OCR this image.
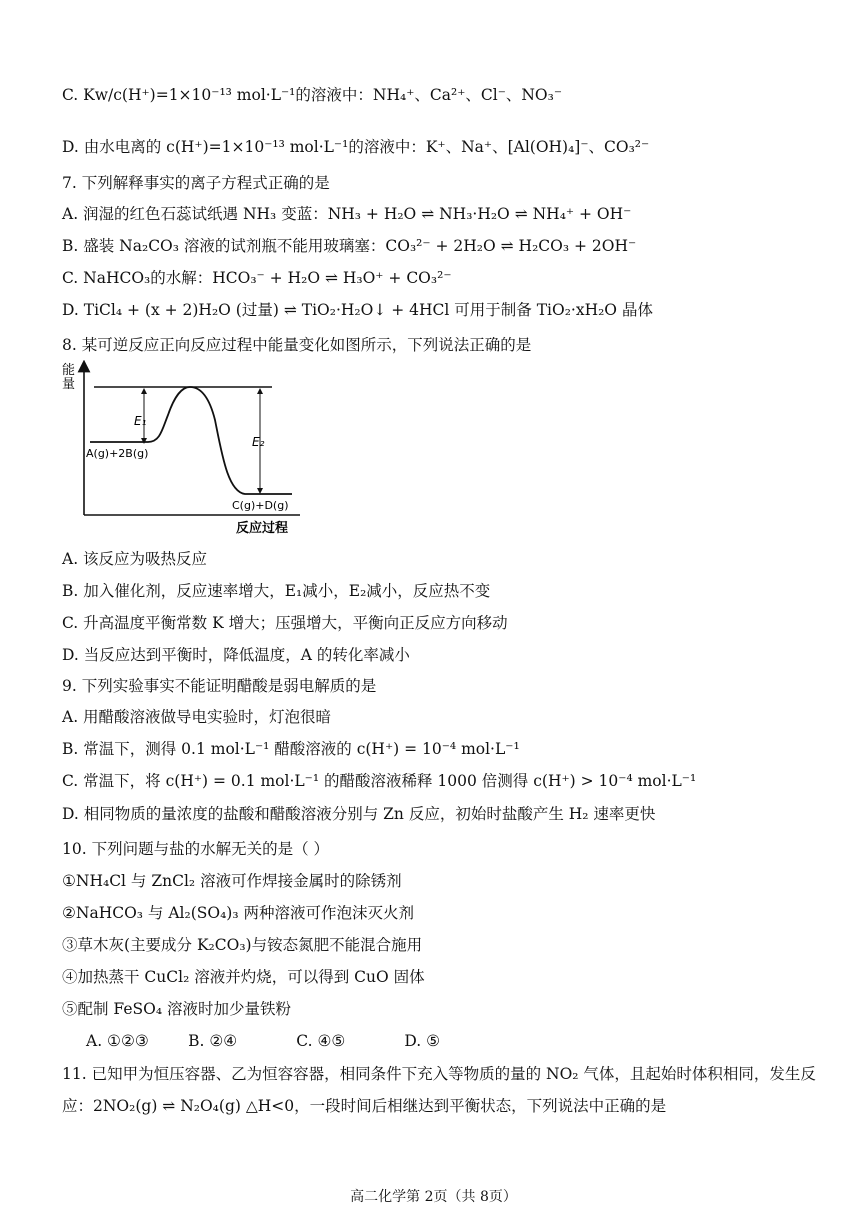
C. Kw/c(H⁺)=1×10⁻¹³ mol·L⁻¹的溶液中：NH₄⁺、Ca²⁺、Cl⁻、NO₃⁻
D. 由水电离的 c(H⁺)=1×10⁻¹³ mol·L⁻¹的溶液中：K⁺、Na⁺、[Al(OH)₄]⁻、CO₃²⁻
7. 下列解释事实的离子方程式正确的是
A. 润湿的红色石蕊试纸遇 NH₃ 变蓝：NH₃ + H₂O ⇌ NH₃·H₂O ⇌ NH₄⁺ + OH⁻
B. 盛装 Na₂CO₃ 溶液的试剂瓶不能用玻璃塞：CO₃²⁻ + 2H₂O ⇌ H₂CO₃ + 2OH⁻
C. NaHCO₃的水解：HCO₃⁻ + H₂O ⇌ H₃O⁺ + CO₃²⁻
D. TiCl₄ + (x + 2)H₂O (过量) ⇌ TiO₂·H₂O↓ + 4HCl 可用于制备 TiO₂·xH₂O 晶体
8. 某可逆反应正向反应过程中能量变化如图所示，下列说法正确的是
能
量
E₁
E₂
A(g)+2B(g)
C(g)+D(g)
反应过程
A. 该反应为吸热反应
B. 加入催化剂，反应速率增大，E₁减小，E₂减小，反应热不变
C. 升高温度平衡常数 K 增大；压强增大，平衡向正反应方向移动
D. 当反应达到平衡时，降低温度，A 的转化率减小
9. 下列实验事实不能证明醋酸是弱电解质的是
A. 用醋酸溶液做导电实验时，灯泡很暗
B. 常温下，测得 0.1 mol·L⁻¹ 醋酸溶液的 c(H⁺) = 10⁻⁴ mol·L⁻¹
C. 常温下，将 c(H⁺) = 0.1 mol·L⁻¹ 的醋酸溶液稀释 1000 倍测得 c(H⁺) > 10⁻⁴ mol·L⁻¹
D. 相同物质的量浓度的盐酸和醋酸溶液分别与 Zn 反应，初始时盐酸产生 H₂ 速率更快
10. 下列问题与盐的水解无关的是（ ）
①NH₄Cl 与 ZnCl₂ 溶液可作焊接金属时的除锈剂
②NaHCO₃ 与 Al₂(SO₄)₃ 两种溶液可作泡沫灭火剂
③草木灰(主要成分 K₂CO₃)与铵态氮肥不能混合施用
④加热蒸干 CuCl₂ 溶液并灼烧，可以得到 CuO 固体
⑤配制 FeSO₄ 溶液时加少量铁粉
A. ①②③        B. ②④            C. ④⑤            D. ⑤
11. 已知甲为恒压容器、乙为恒容容器，相同条件下充入等物质的量的 NO₂ 气体，且起始时体积相同，发生反应：2NO₂(g) ⇌ N₂O₄(g) △H<0，一段时间后相继达到平衡状态，下列说法中正确的是
高二化学第 2页（共 8页）
